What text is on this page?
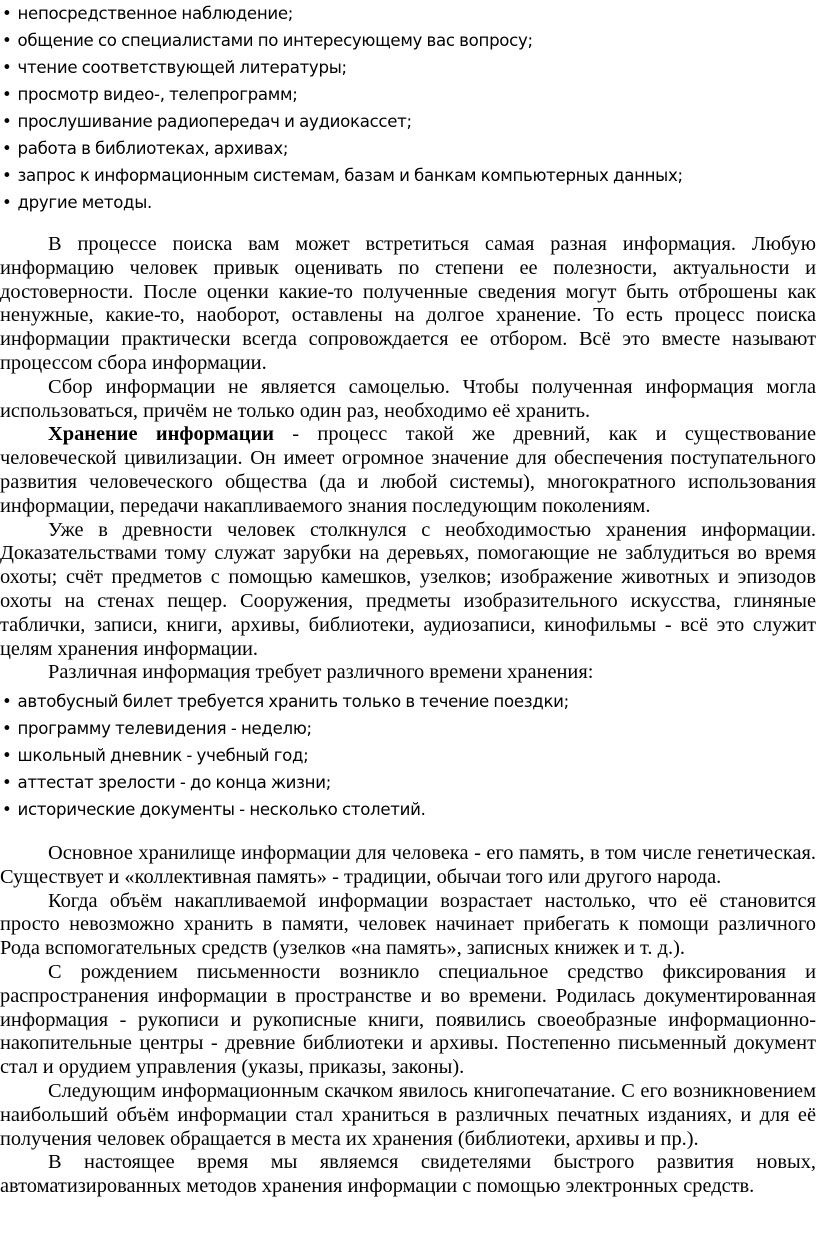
• непосредственное наблюдение;
• общение со специалистами по интересующему вас вопросу;
• чтение соответствующей литературы;
• просмотр видео-, телепрограмм;
• прослушивание радиопередач и аудиокассет;
• работа в библиотеках, архивах;
• запрос к информационным системам, базам и банкам компьютерных данных;
• другие методы.

В процессе поиска вам может встретиться самая разная информация. Любую информацию человек привык оценивать по степени ее полезности, актуальности и достоверности. После оценки какие-то полученные сведения могут быть отброшены как ненужные, какие-то, наоборот, оставлены на долгое хранение. То есть процесс поиска информации практически всегда сопровождается ее отбором. Всё это вместе называют процессом сбора информации.

Сбор информации не является самоцелью. Чтобы полученная информация могла использоваться, причём не только один раз, необходимо её хранить.

Хранение информации - процесс такой же древний, как и существование человеческой цивилизации. Он имеет огромное значение для обеспечения поступательного развития человеческого общества (да и любой системы), многократного использования информации, передачи накапливаемого знания последующим поколениям.

Уже в древности человек столкнулся с необходимостью хранения информации. Доказательствами тому служат зарубки на деревьях, помогающие не заблудиться во время охоты; счёт предметов с помощью камешков, узелков; изображение животных и эпизодов охоты на стенах пещер. Сооружения, предметы изобразительного искусства, глиняные таблички, записи, книги, архивы, библиотеки, аудиозаписи, кинофильмы - всё это служит целям хранения информации.

Различная информация требует различного времени хранения:

• автобусный билет требуется хранить только в течение поездки;
• программу телевидения - неделю;
• школьный дневник - учебный год;
• аттестат зрелости - до конца жизни;
• исторические документы - несколько столетий.

Основное хранилище информации для человека - его память, в том числе генетическая. Существует и «коллективная память» - традиции, обычаи того или другого народа.

Когда объём накапливаемой информации возрастает настолько, что её становится просто невозможно хранить в памяти, человек начинает прибегать к помощи различного Рода вспомогательных средств (узелков «на память», записных книжек и т. д.).

С рождением письменности возникло специальное средство фиксирования и распространения информации в пространстве и во времени. Родилась документированная информация - рукописи и рукописные книги, появились своеобразные информационно-накопительные центры - древние библиотеки и архивы. Постепенно письменный документ стал и орудием управления (указы, приказы, законы).

Следующим информационным скачком явилось книгопечатание. С его возникновением наибольший объём информации стал храниться в различных печатных изданиях, и для её получения человек обращается в места их хранения (библиотеки, архивы и пр.).

В настоящее время мы являемся свидетелями быстрого развития новых, автоматизированных методов хранения информации с помощью электронных средств.
